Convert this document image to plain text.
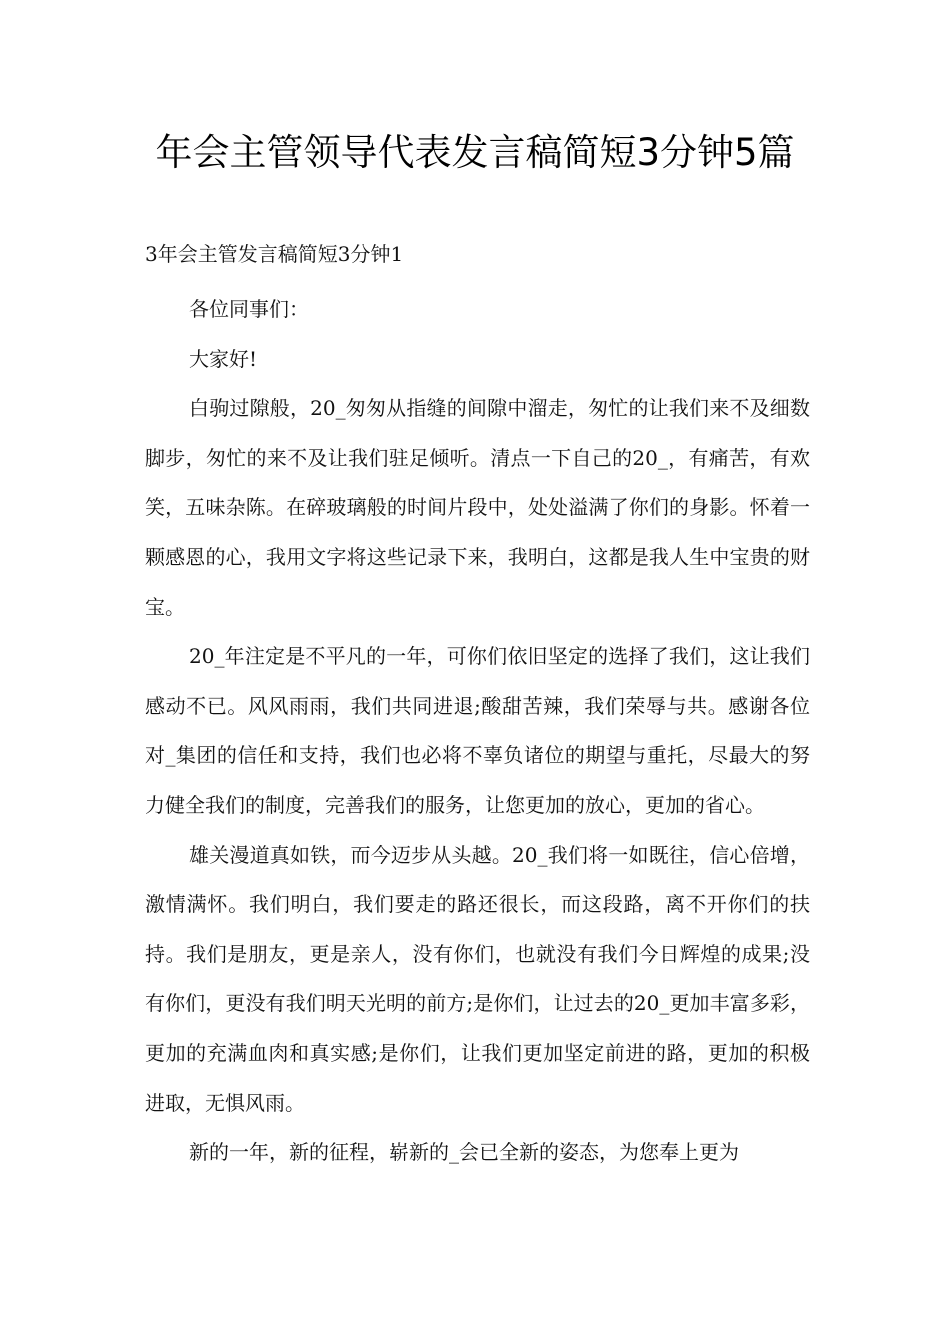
年会主管领导代表发言稿简短3分钟5篇

3年会主管发言稿简短3分钟1

各位同事们：

大家好!

白驹过隙般，20_匆匆从指缝的间隙中溜走，匆忙的让我们来不及细数脚步，匆忙的来不及让我们驻足倾听。清点一下自己的20_，有痛苦，有欢笑，五味杂陈。在碎玻璃般的时间片段中，处处溢满了你们的身影。怀着一颗感恩的心，我用文字将这些记录下来，我明白，这都是我人生中宝贵的财宝。

20_年注定是不平凡的一年，可你们依旧坚定的选择了我们，这让我们感动不已。风风雨雨，我们共同进退;酸甜苦辣，我们荣辱与共。感谢各位对_集团的信任和支持，我们也必将不辜负诸位的期望与重托，尽最大的努力健全我们的制度，完善我们的服务，让您更加的放心，更加的省心。

雄关漫道真如铁，而今迈步从头越。20_我们将一如既往，信心倍增，激情满怀。我们明白，我们要走的路还很长，而这段路，离不开你们的扶持。我们是朋友，更是亲人，没有你们，也就没有我们今日辉煌的成果;没有你们，更没有我们明天光明的前方;是你们，让过去的20_更加丰富多彩，更加的充满血肉和真实感;是你们，让我们更加坚定前进的路，更加的积极进取，无惧风雨。

新的一年，新的征程，崭新的_会已全新的姿态，为您奉上更为
